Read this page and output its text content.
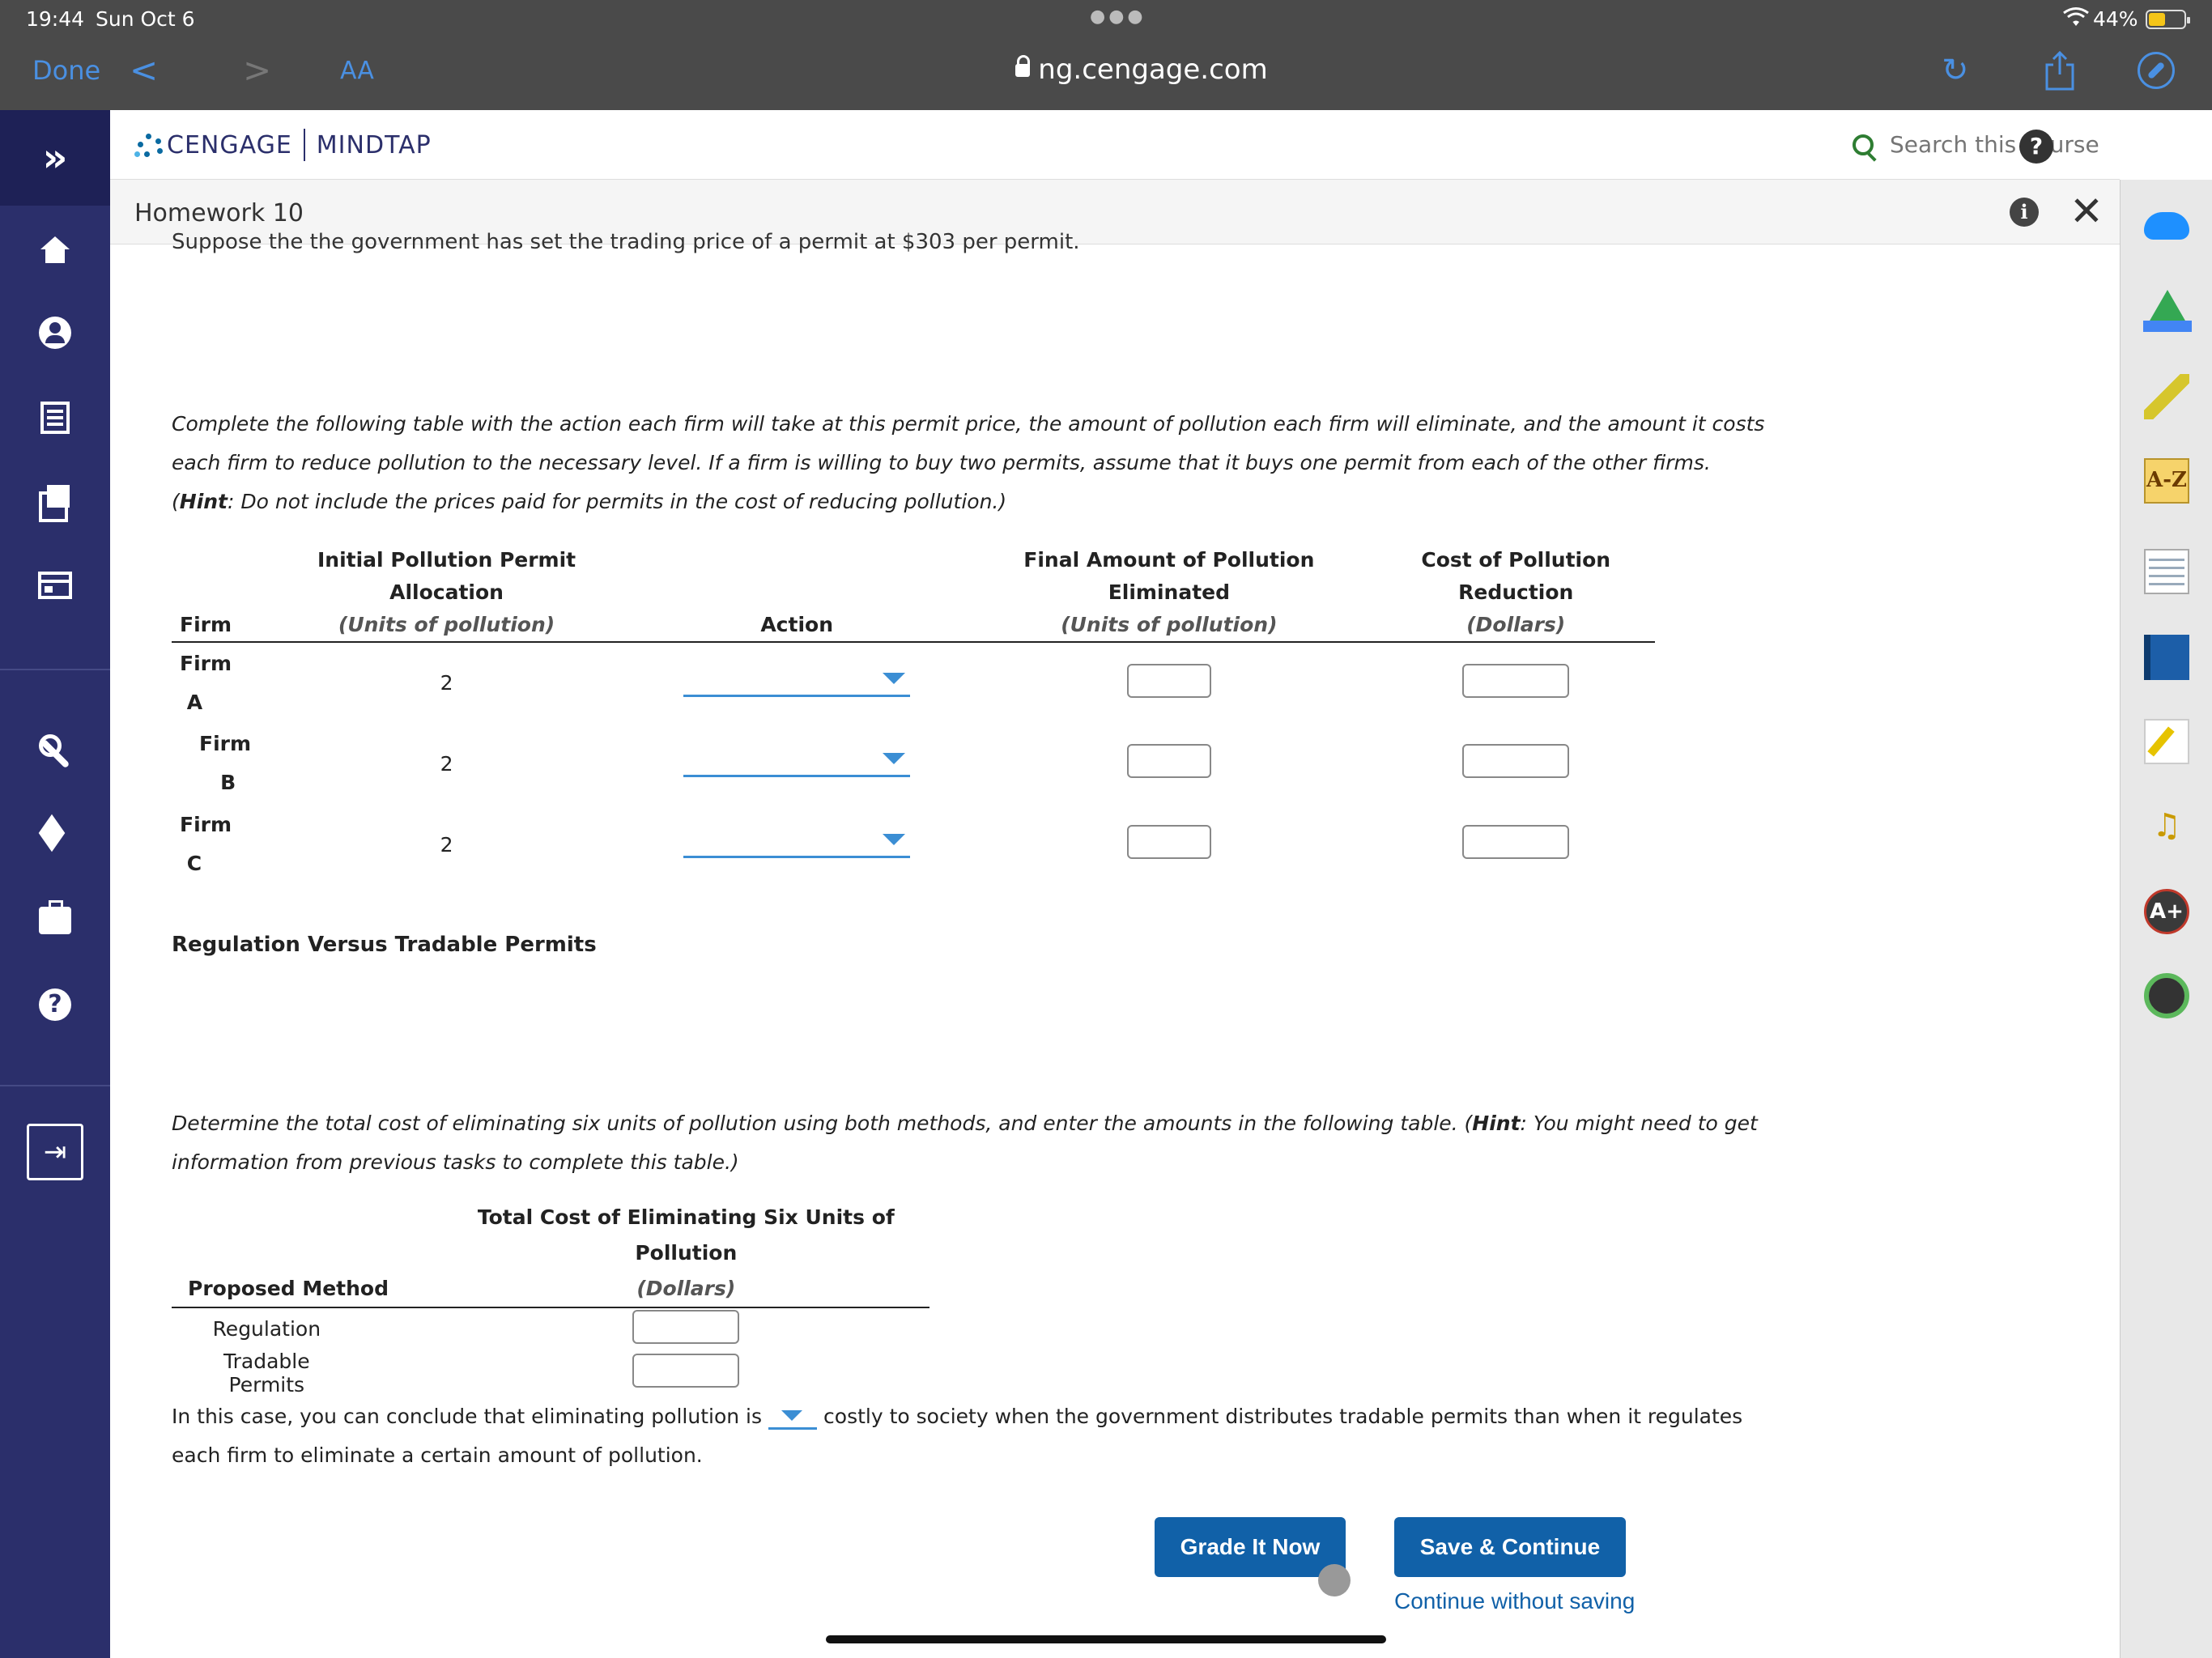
19:44 Sun Oct 6	●●●	44%
Done < >	AA	ng.cengage.com	↻
»
?
⇥
CENGAGE MINDTAP
Search this course	?
Homework 10	i ✕
A-Z
♫
A+
Suppose the the government has set the trading price of a permit at $303 per permit.

Complete the following table with the action each firm will take at this permit price, the amount of pollution each firm will eliminate, and the amount it costs each firm to reduce pollution to the necessary level. If a firm is willing to buy two permits, assume that it buys one permit from each of the other firms. (Hint: Do not include the prices paid for permits in the cost of reducing pollution.)

Firm	Initial Pollution Permit
Allocation
(Units of pollution)	Action	Final Amount of Pollution
Eliminated
(Units of pollution)	Cost of Pollution
Reduction
(Dollars)
Firm
A	2			
Firm
B	2			
Firm
C	2			
Regulation Versus Tradable Permits

Determine the total cost of eliminating six units of pollution using both methods, and enter the amounts in the following table. (Hint: You might need to get information from previous tasks to complete this table.)

Proposed Method	Total Cost of Eliminating Six Units of Pollution
(Dollars)
Regulation	
Tradable Permits	

In this case, you can conclude that eliminating pollution is	costly to society when the government distributes tradable permits than when it regulates each firm to eliminate a certain amount of pollution.

Grade It Now	Save & Continue
Continue without saving
